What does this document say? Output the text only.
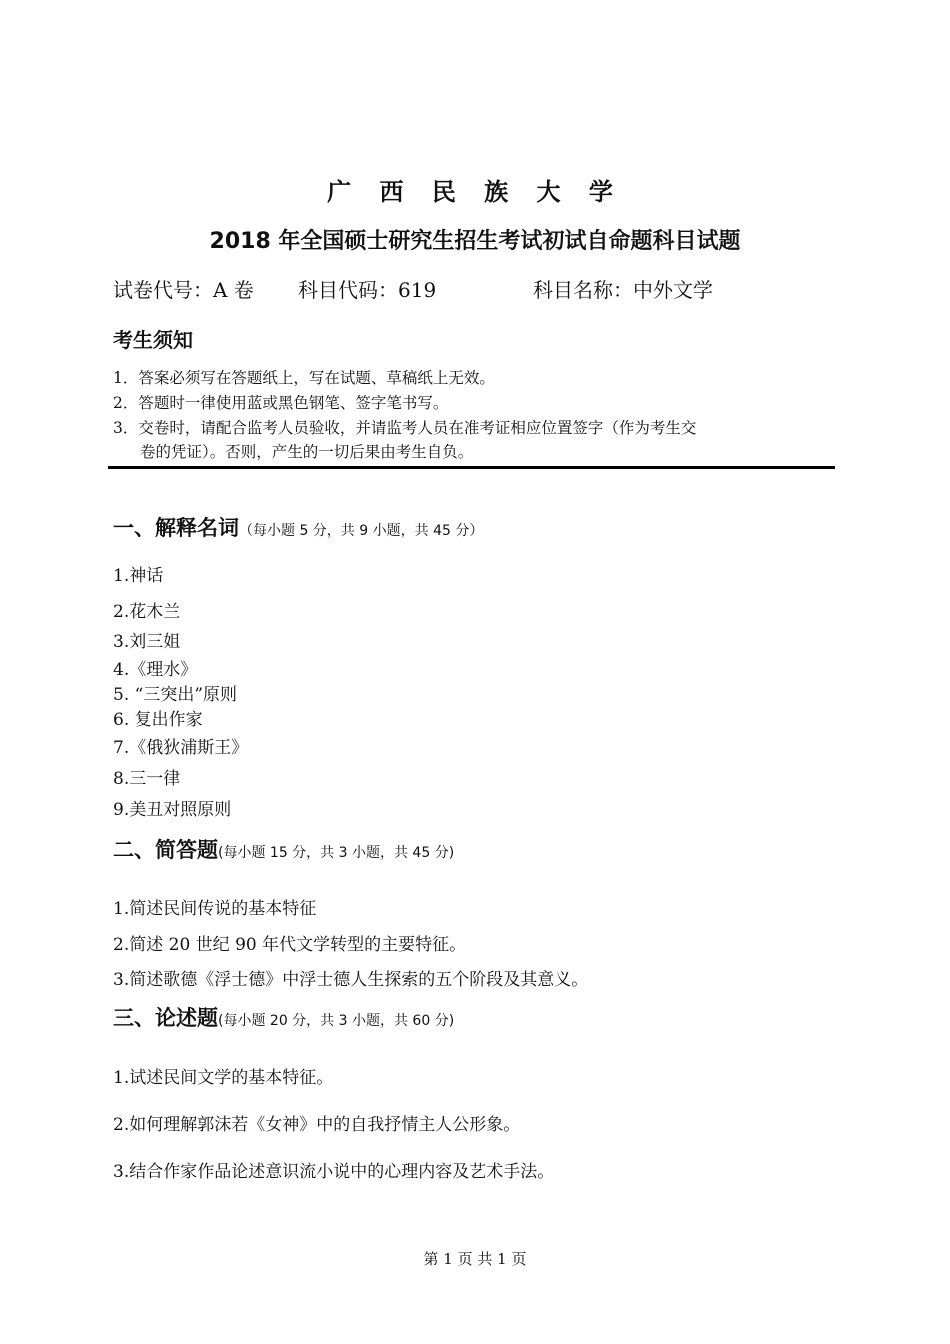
广 西 民 族 大 学
2018 年全国硕士研究生招生考试初试自命题科目试题
试卷代号：A 卷 科目代码：619	科目名称：中外文学
考生须知
1．答案必须写在答题纸上，写在试题、草稿纸上无效。
2．答题时一律使用蓝或黑色钢笔、签字笔书写。
3．交卷时，请配合监考人员验收，并请监考人员在准考证相应位置签字（作为考生交
卷的凭证）。否则，产生的一切后果由考生自负。
一、解释名词（每小题 5 分，共 9 小题，共 45 分）
1.神话
2.花木兰
3.刘三姐
4.《理水》
5. “三突出”原则
6. 复出作家
7.《俄狄浦斯王》
8.三一律
9.美丑对照原则
二、简答题(每小题 15 分，共 3 小题，共 45 分)
1.简述民间传说的基本特征
2.简述 20 世纪 90 年代文学转型的主要特征。
3.简述歌德《浮士德》中浮士德人生探索的五个阶段及其意义。
三、论述题(每小题 20 分，共 3 小题，共 60 分)
1.试述民间文学的基本特征。
2.如何理解郭沫若《女神》中的自我抒情主人公形象。
3.结合作家作品论述意识流小说中的心理内容及艺术手法。
第 1 页 共 1 页
